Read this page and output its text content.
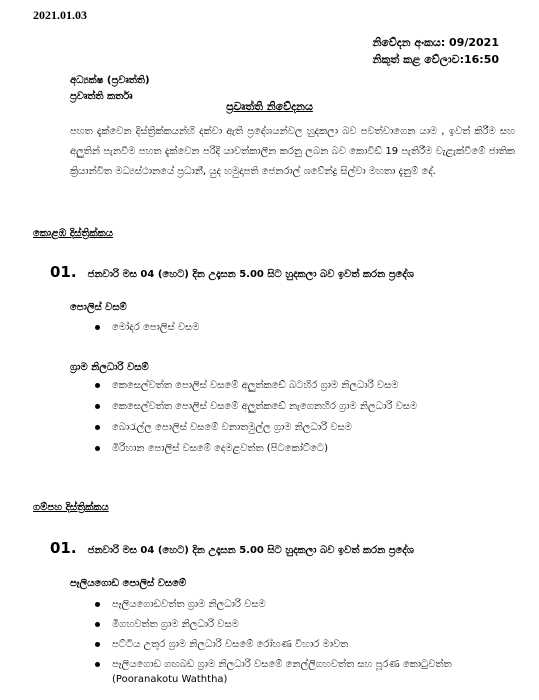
2021.01.03
නිවේදන අංකය: 09/2021
නිකුත් කළ වේලාව:16:50
අධ්‍යක්ෂ (ප්‍රවෘත්ති)
ප්‍රවෘත්ති කර්තෘ
ප්‍රවෘත්ති නිවේදනය
පහත දැක්වෙන දිස්ත්‍රික්කයන්හි දක්වා ඇති ප්‍රදේශයන්වල හුදකලා බව පවත්වාගෙන යාම , ඉවත් කිරීම සහ අලුතින් පැනවීම පහත දැක්වෙන පරිදි යාවත්කාලීන කරනු ලබන බව කොවිඩ් 19 පැතිරීම වැළැක්වීමේ ජාතික ක්‍රියාන්විත මධ්‍යස්ථානයේ ප්‍රධානී, යුද හමුදාපති ජෙනරාල් ශවේන්ද්‍ර සිල්වා මහතා දැනුම් දේ.
කොළඹ දිස්ත්‍රික්කය
01. ජනවාරි මස 04 (හෙට) දින උදෑසන 5.00 සිට හුදකලා බව ඉවත් කරන ප්‍රදේශ
පොලිස් වසම්
මෝදර පොලිස් වසම
ග්‍රාම නිලධාරි වසම්
කෙසෙල්වත්ත පොලිස් වසමේ අලුත්කඩේ බටහිර ග්‍රාම නිලධාරි වසම
කෙසෙල්වත්ත පොලිස් වසමේ අලුත්කඩේ නැගෙනහිර ග්‍රාම නිලධාරි වසම
බොරැල්ල පොලිස් වසමේ වනාතමුල්ල ග්‍රාම නිලධාරි වසම
මිරිහාන පොලිස් වසමේ දෙමළවත්ත (පිටකෝට්ටෙ)
ගම්පහ දිස්ත්‍රික්කය
01. ජනවාරි මස 04 (හෙට) දින උදෑසන 5.00 සිට හුදකලා බව ඉවත් කරන ප්‍රදේශ
පෑලියගොඩ පොලිස් වසමේ
පෑලියගොඩවත්ත ග්‍රාම නිලධාරි වසම
මීගහවත්ත ග්‍රාම නිලධාරි වසම
පට්ටිය උතුර ග්‍රාම නිලධාරි වසමේ රෝහණ විහාර මාවත
පෑලියගොඩ ගඟබඩ ග්‍රාම නිලධාරි වසමේ නෙල්ලිගහවත්ත සහ පූරණ කොටුවත්ත (Pooranakotu Waththa)
